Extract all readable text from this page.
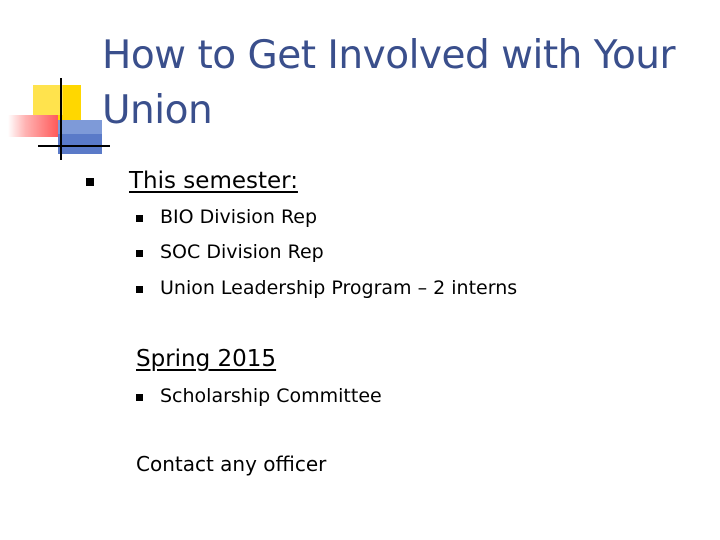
How to Get Involved with Your
Union
This semester:
BIO Division Rep
SOC Division Rep
Union Leadership Program – 2 interns
Spring 2015
Scholarship Committee
Contact any officer
